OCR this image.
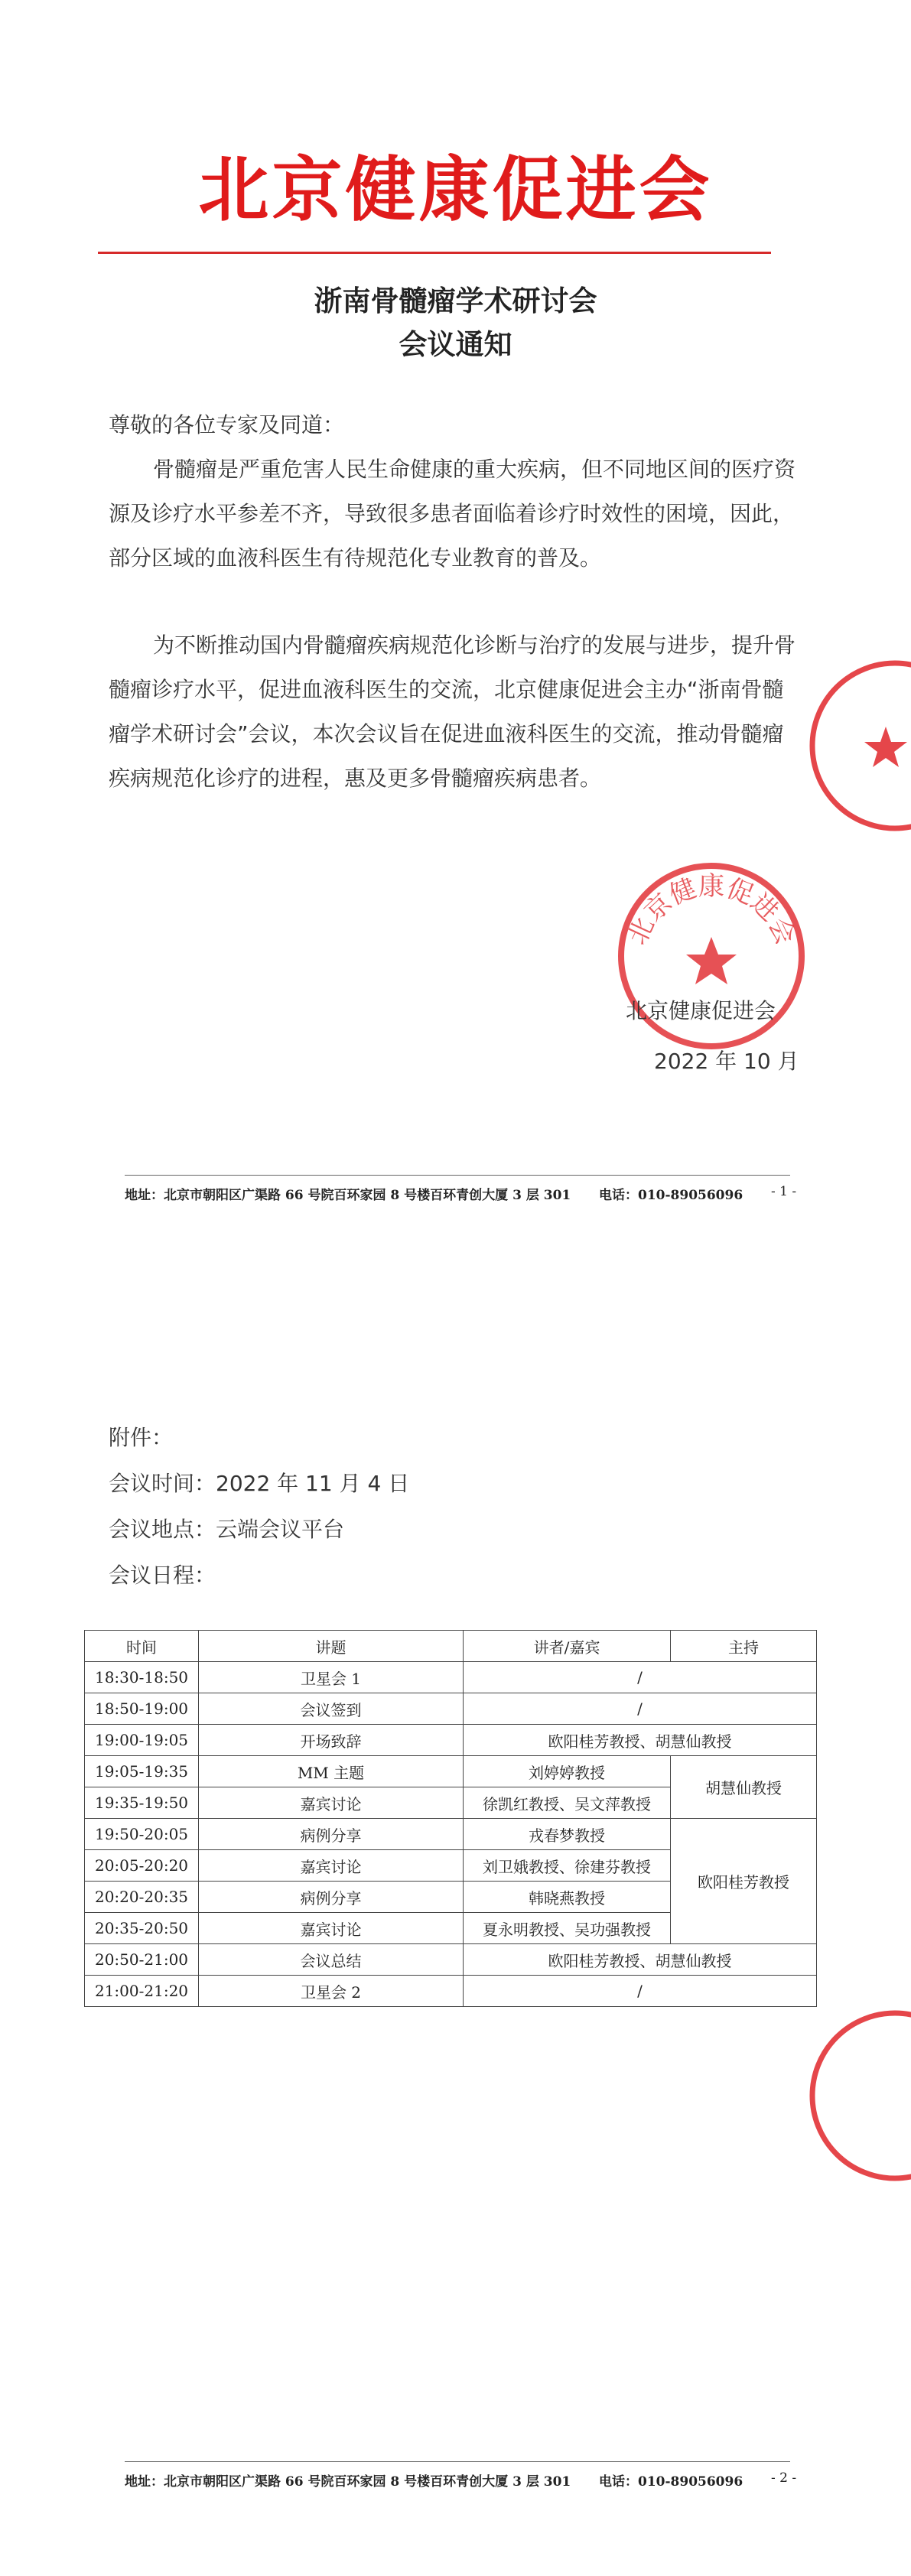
北京健康促进会
浙南骨髓瘤学术研讨会
会议通知
尊敬的各位专家及同道：
骨髓瘤是严重危害人民生命健康的重大疾病，但不同地区间的医疗资源及诊疗水平参差不齐，导致很多患者面临着诊疗时效性的困境，因此，部分区域的血液科医生有待规范化专业教育的普及。
为不断推动国内骨髓瘤疾病规范化诊断与治疗的发展与进步，提升骨髓瘤诊疗水平，促进血液科医生的交流，北京健康促进会主办“浙南骨髓瘤学术研讨会”会议，本次会议旨在促进血液科医生的交流，推动骨髓瘤疾病规范化诊疗的进程，惠及更多骨髓瘤疾病患者。
北京健康促进会
北京健康促进会
2022 年 10 月
地址：北京市朝阳区广渠路 66 号院百环家园 8 号楼百环青创大厦 3 层 301 电话：010-89056096 - 1 -
附件：
会议时间：2022 年 11 月 4 日
会议地点：云端会议平台
会议日程：
时间	讲题	讲者/嘉宾	主持
18:30-18:50	卫星会 1	/	
18:50-19:00	会议签到	/	
19:00-19:05	开场致辞	欧阳桂芳教授、胡慧仙教授	
19:05-19:35	MM 主题	刘婷婷教授	胡慧仙教授
19:35-19:50	嘉宾讨论	徐凯红教授、吴文萍教授	
19:50-20:05	病例分享	戎春梦教授	欧阳桂芳教授
20:05-20:20	嘉宾讨论	刘卫娥教授、徐建芬教授	
20:20-20:35	病例分享	韩晓燕教授	
20:35-20:50	嘉宾讨论	夏永明教授、吴功强教授	
20:50-21:00	会议总结	欧阳桂芳教授、胡慧仙教授	
21:00-21:20	卫星会 2	/	
地址：北京市朝阳区广渠路 66 号院百环家园 8 号楼百环青创大厦 3 层 301 电话：010-89056096 - 2 -
